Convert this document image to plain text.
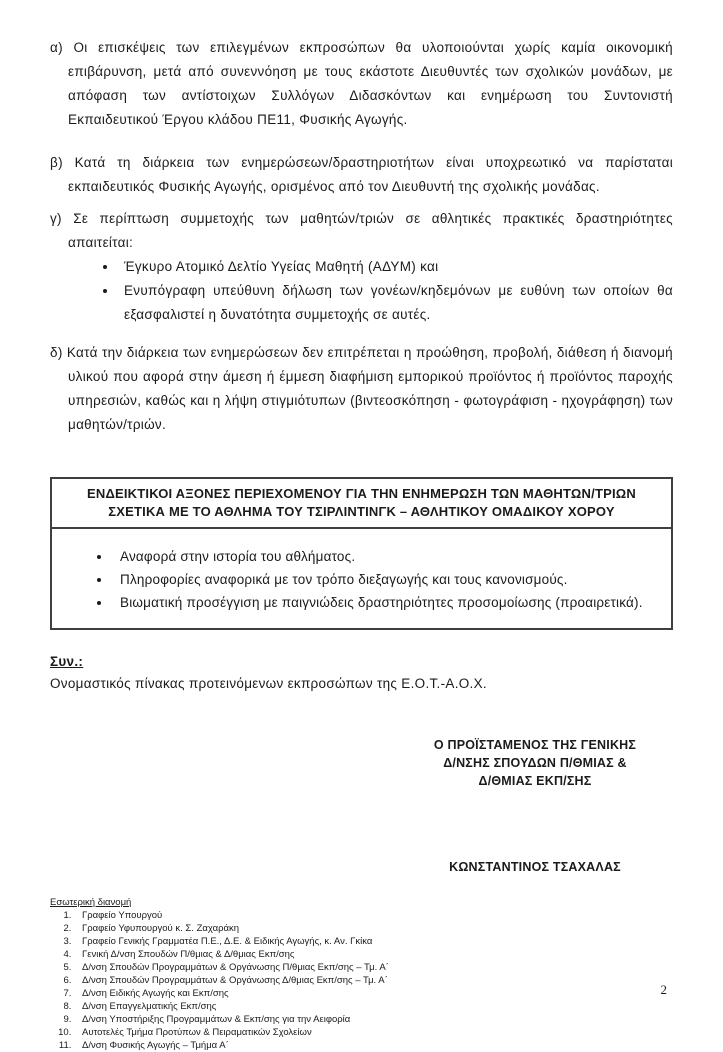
α) Οι επισκέψεις των επιλεγμένων εκπροσώπων θα υλοποιούνται χωρίς καμία οικονομική επιβάρυνση, μετά από συνεννόηση με τους εκάστοτε Διευθυντές των σχολικών μονάδων, με απόφαση των αντίστοιχων Συλλόγων Διδασκόντων και ενημέρωση του Συντονιστή Εκπαιδευτικού Έργου κλάδου ΠΕ11, Φυσικής Αγωγής.

β) Κατά τη διάρκεια των ενημερώσεων/δραστηριοτήτων είναι υποχρεωτικό να παρίσταται εκπαιδευτικός Φυσικής Αγωγής, ορισμένος από τον Διευθυντή της σχολικής μονάδας.

γ) Σε περίπτωση συμμετοχής των μαθητών/τριών σε αθλητικές πρακτικές δραστηριότητες απαιτείται:

• Έγκυρο Ατομικό Δελτίο Υγείας Μαθητή (ΑΔΥΜ) και
• Ενυπόγραφη υπεύθυνη δήλωση των γονέων/κηδεμόνων με ευθύνη των οποίων θα εξασφαλιστεί η δυνατότητα συμμετοχής σε αυτές.

δ) Κατά την διάρκεια των ενημερώσεων δεν επιτρέπεται η προώθηση, προβολή, διάθεση ή διανομή υλικού που αφορά στην άμεση ή έμμεση διαφήμιση εμπορικού προϊόντος ή προϊόντος παροχής υπηρεσιών, καθώς και η λήψη στιγμιότυπων (βιντεοσκόπηση - φωτογράφιση - ηχογράφηση) των μαθητών/τριών.

ΕΝΔΕΙΚΤΙΚΟΙ ΑΞΟΝΕΣ ΠΕΡΙΕΧΟΜΕΝΟΥ ΓΙΑ ΤΗΝ ΕΝΗΜΕΡΩΣΗ ΤΩΝ ΜΑΘΗΤΩΝ/ΤΡΙΩΝ
ΣΧΕΤΙΚΑ ΜΕ ΤΟ ΑΘΛΗΜΑ ΤΟΥ ΤΣΙΡΛΙΝΤΙΝΓΚ – ΑΘΛΗΤΙΚΟΥ ΟΜΑΔΙΚΟΥ ΧΟΡΟΥ
• Αναφορά στην ιστορία του αθλήματος.
• Πληροφορίες αναφορικά με τον τρόπο διεξαγωγής και τους κανονισμούς.
• Βιωματική προσέγγιση με παιγνιώδεις δραστηριότητες προσομοίωσης (προαιρετικά).
Συν.:
Ονομαστικός πίνακας προτεινόμενων εκπροσώπων της Ε.Ο.Τ.-Α.Ο.Χ.
Ο ΠΡΟΪΣΤΑΜΕΝΟΣ ΤΗΣ ΓΕΝΙΚΗΣ
Δ/ΝΣΗΣ ΣΠΟΥΔΩΝ Π/ΘΜΙΑΣ &
Δ/ΘΜΙΑΣ ΕΚΠ/ΣΗΣ
ΚΩΝΣΤΑΝΤΙΝΟΣ ΤΣΑΧΑΛΑΣ
Εσωτερική διανομή
1. Γραφείο Υπουργού
2. Γραφείο Υφυπουργού κ. Σ. Ζαχαράκη
3. Γραφείο Γενικής Γραμματέα Π.Ε., Δ.Ε. & Ειδικής Αγωγής, κ. Αν. Γκίκα
4. Γενική Δ/νση Σπουδών Π/θμιας & Δ/θμιας Εκπ/σης
5. Δ/νση Σπουδών Προγραμμάτων & Οργάνωσης Π/θμιας Εκπ/σης – Τμ. Α΄
6. Δ/νση Σπουδών Προγραμμάτων & Οργάνωσης Δ/θμιας Εκπ/σης – Τμ. Α΄
7. Δ/νση Ειδικής Αγωγής και Εκπ/σης
8. Δ/νση Επαγγελματικής Εκπ/σης
9. Δ/νση Υποστήριξης Προγραμμάτων & Εκπ/σης για την Αειφορία
10. Αυτοτελές Τμήμα Προτύπων & Πειραματικών Σχολείων
11. Δ/νση Φυσικής Αγωγής – Τμήμα Α΄
2
